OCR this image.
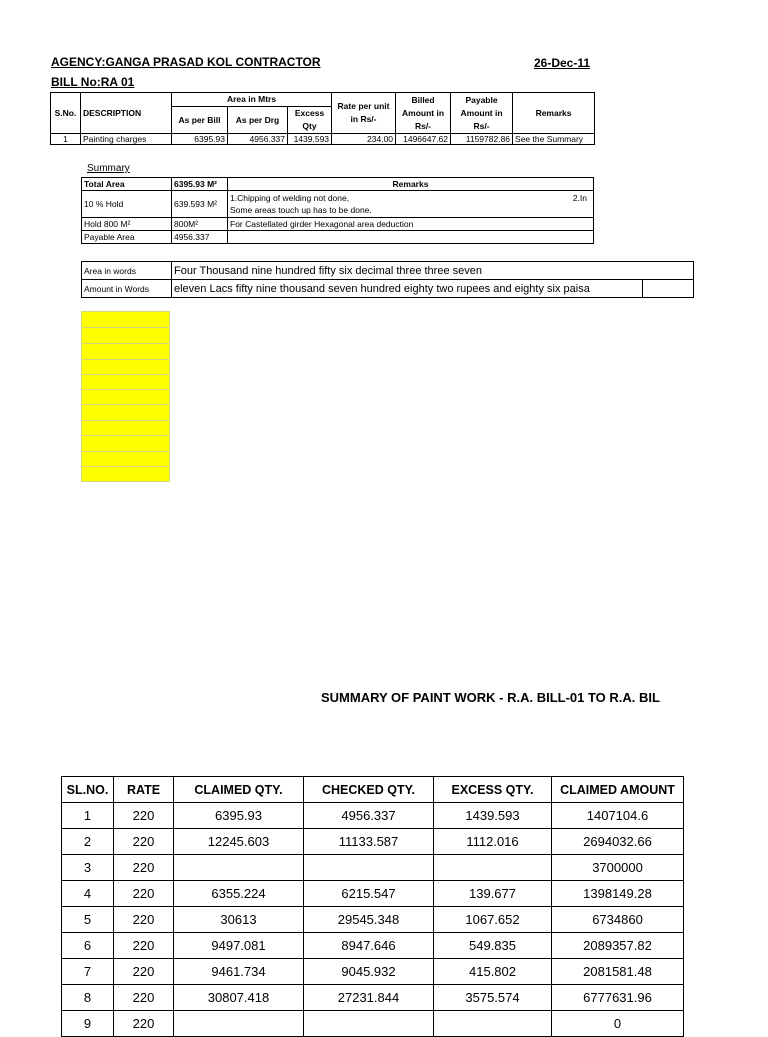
AGENCY:GANGA PRASAD KOL CONTRACTOR	26-Dec-11
BILL No:RA 01
S.No.	DESCRIPTION	Area in Mtrs			Rate per unit in Rs/-	Billed Amount in Rs/-	Payable Amount in Rs/-	Remarks
		As per Bill	As per Drg	Excess Qty				
1	Painting charges	6395.93	4956.337	1439.593	234.00	1496647.62	1159782.86	See the Summary
Summary
Total Area	6395.93 M²	Remarks
10 % Hold	639.593 M²	1.Chipping of welding not done, 2.In
Some areas touch up has to be done.

Hold 800 M²	800M²	For Castellated girder Hexagonal area deduction
Payable Area	4956.337	
Area in words	Four Thousand nine hundred fifty six decimal three three seven	
Amount in Words	eleven Lacs fifty nine thousand seven hundred eighty two rupees and eighty six paisa	
SUMMARY OF PAINT WORK - R.A. BILL-01 TO R.A. BIL
SL.NO.	RATE	CLAIMED QTY.	CHECKED QTY.	EXCESS QTY.	CLAIMED AMOUNT
1	220	6395.93	4956.337	1439.593	1407104.6
2	220	12245.603	11133.587	1112.016	2694032.66
3	220				3700000
4	220	6355.224	6215.547	139.677	1398149.28
5	220	30613	29545.348	1067.652	6734860
6	220	9497.081	8947.646	549.835	2089357.82
7	220	9461.734	9045.932	415.802	2081581.48
8	220	30807.418	27231.844	3575.574	6777631.96
9	220				0
